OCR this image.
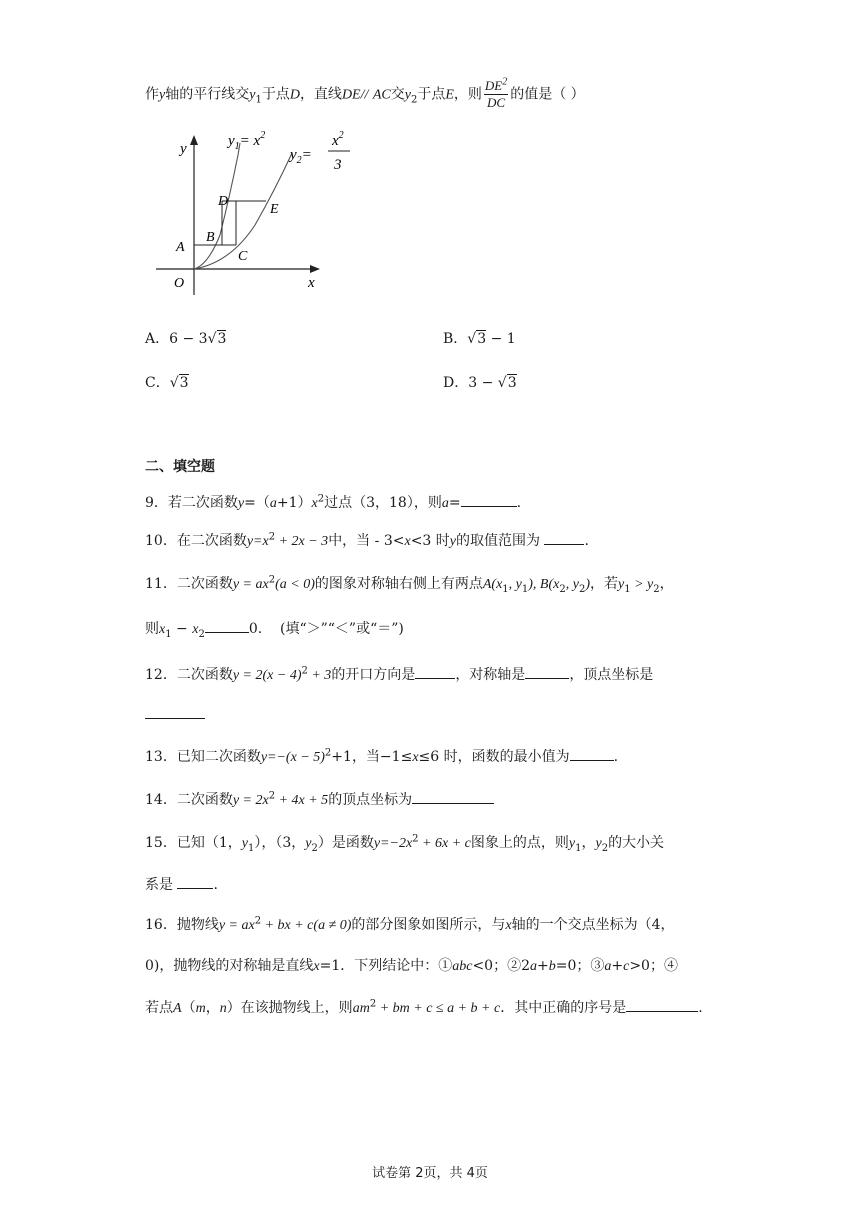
作y轴的平行线交$y_1$于点D，直线DE// AC交$y_2$于点E，则 $\frac{DE^2}{DC}$ 的值是（ ）
y
x
O
A
B
C
D
E
$y_1= x^2$
$y_2=$
$x^2$
3
A．6 − 3√3	B．√3 − 1
C．√3	D．3 − √3
二、填空题
9．若二次函数$y=(a+1)x^2$过点（3，18），则a=	.
10．在二次函数$y=x^2 + 2x - 3$中，当 - 3<x<3 时y的取值范围为	.
11．二次函数$y = ax^2(a < 0)$的图象对称轴右侧上有两点$A(x_1$, $y_1$), $B(x_2$, $y_2$)，若$y_1 > y_2$，
则$x_1 - x_2$	0. (填“＞”“＜”或“＝”)
12．二次函数$y = 2(x - 4)^2 + 3$的开口方向是	，对称轴是	，顶点坐标是
13．已知二次函数$y=-(x - 5)^2+1$，当−1≤x≤6 时，函数的最小值为	.
14．二次函数$y = 2x^2 + 4x + 5$的顶点坐标为
15．已知（1，$y_1$），（3，$y_2$）是函数$y=-2x^2 + 6x + c$图象上的点，则$y_1$，$y_2$的大小关
系是	.
16．抛物线$y = ax^2$ + bx + c(a ≠ 0)的部分图象如图所示，与x轴的一个交点坐标为（4，
0)，抛物线的对称轴是直线x=1．下列结论中：①abc<0；②2a+b=0；③a+c>0；④
若点A（m，n）在该抛物线上，则$am^2$ + bm + c ≤ a + b + c．其中正确的序号是	.
试卷第 2页，共 4页
